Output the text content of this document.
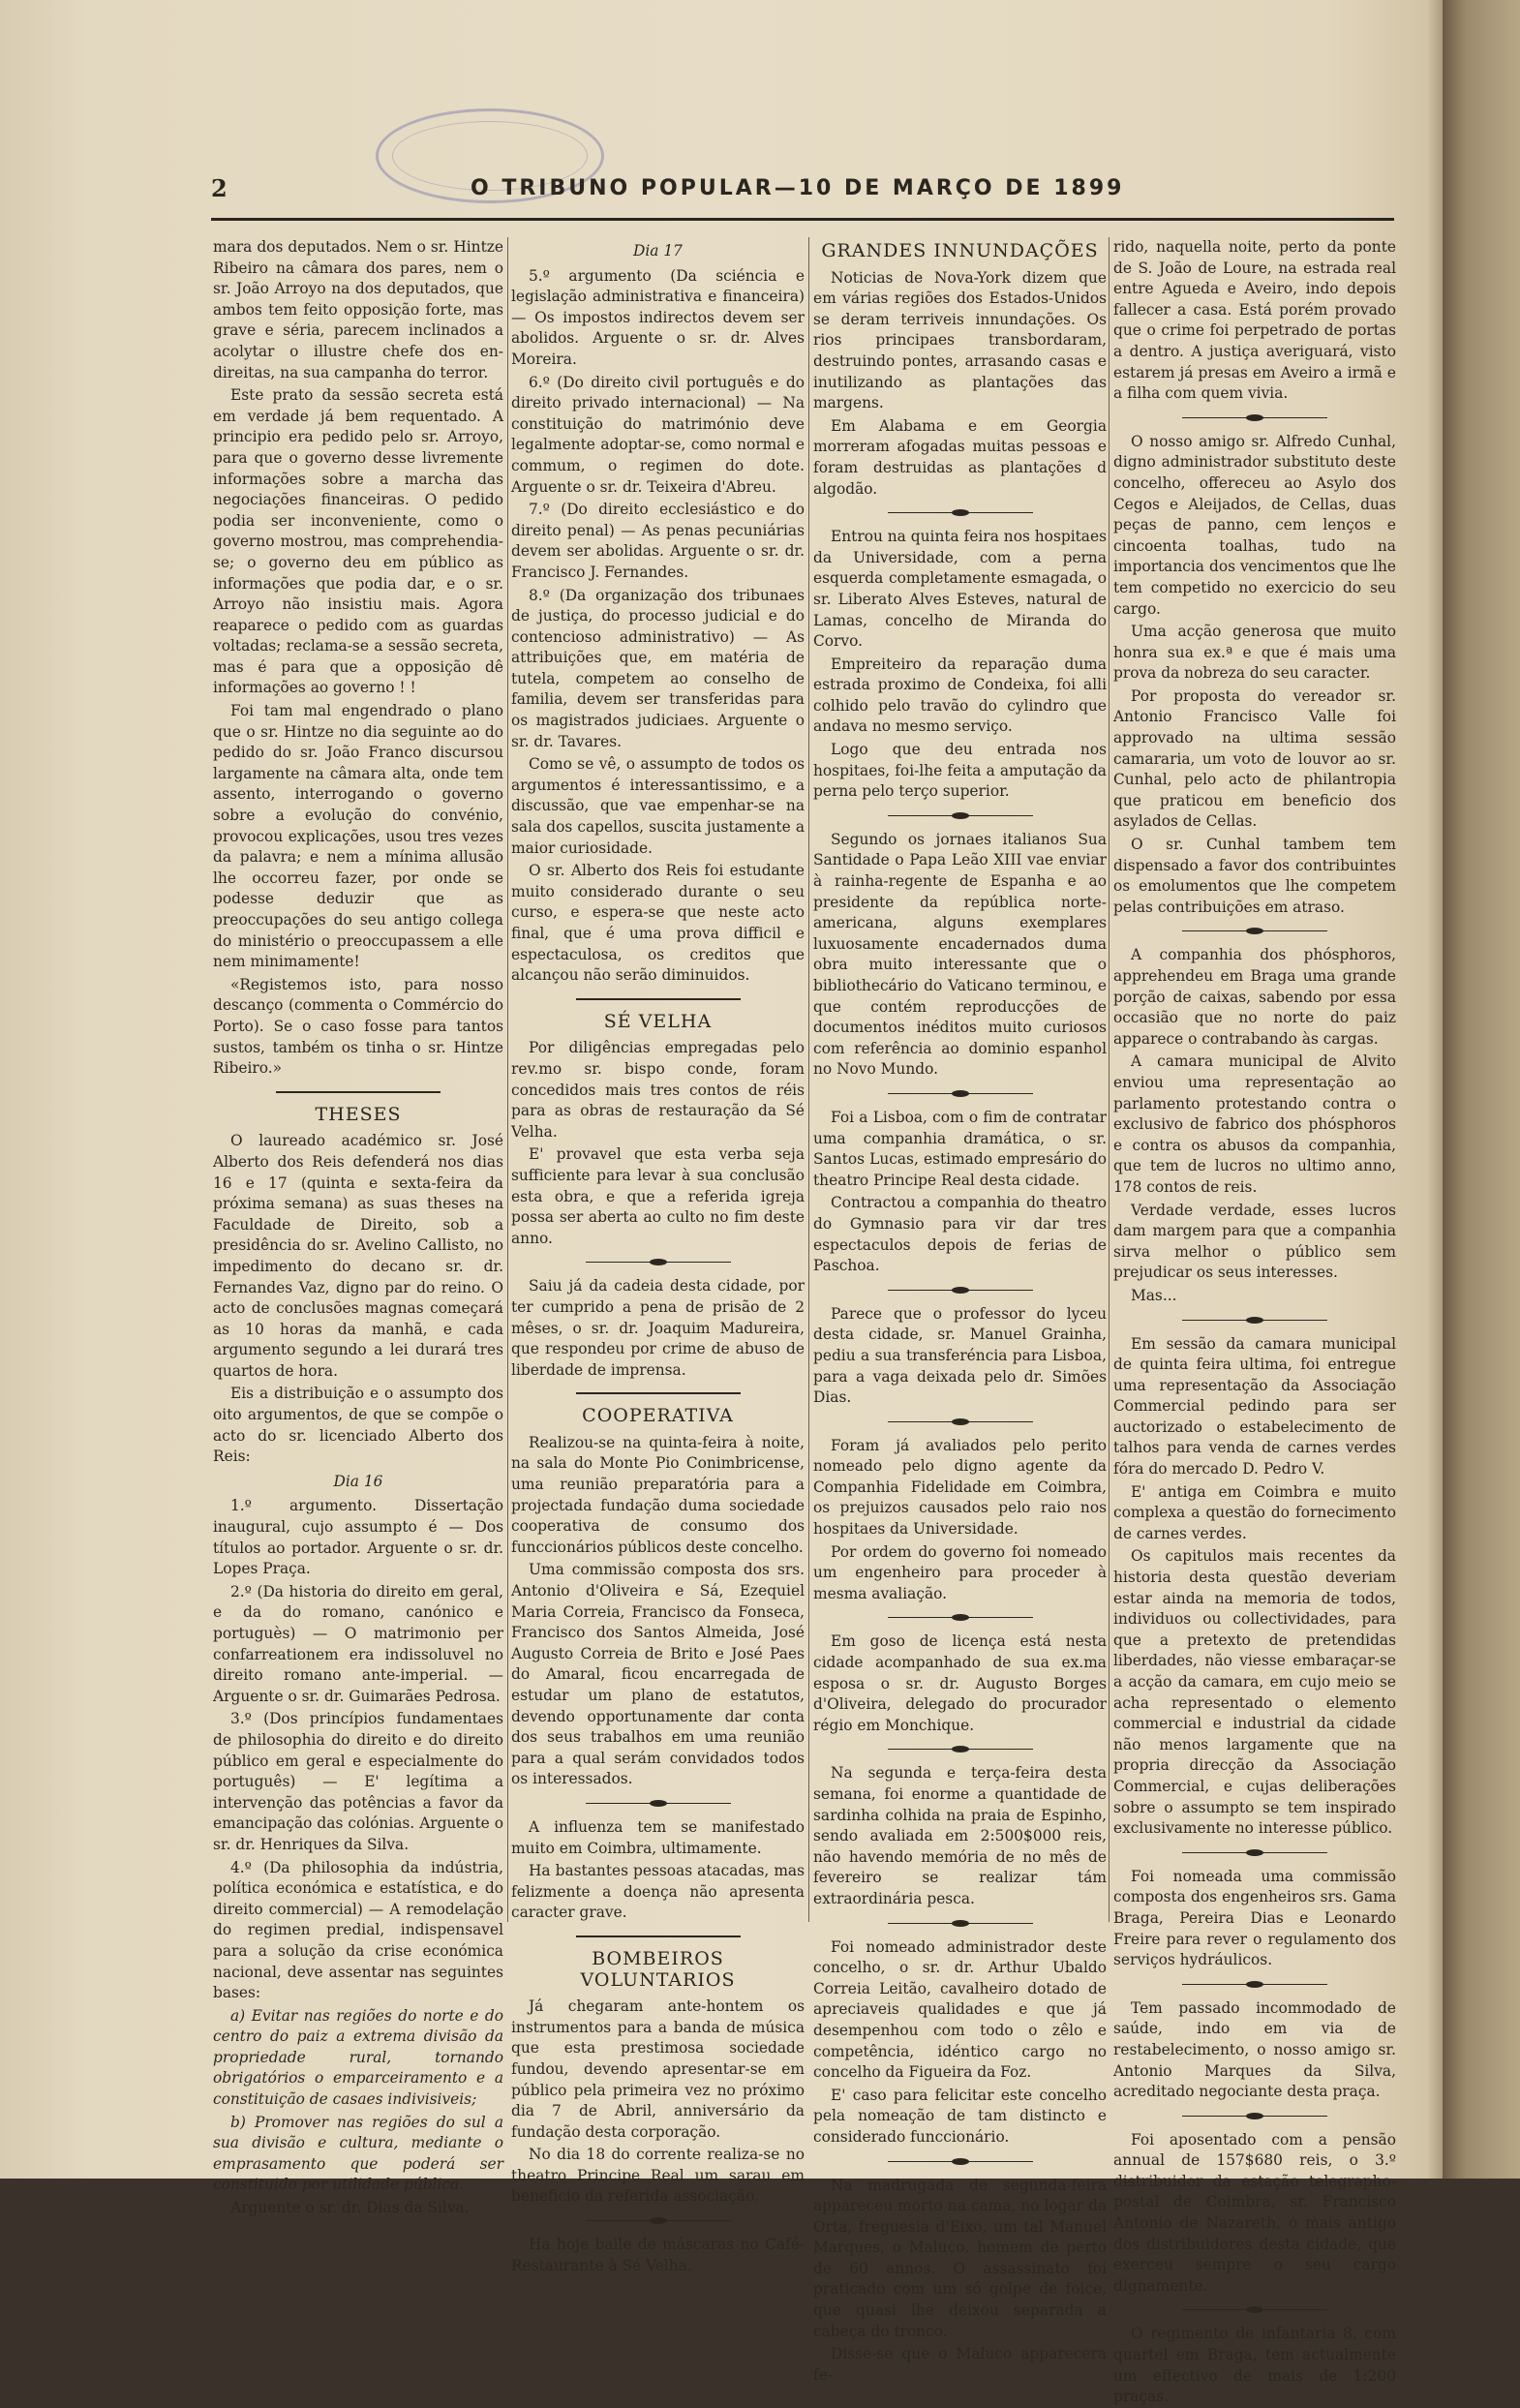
2	O TRIBUNO POPULAR—10 DE MARÇO DE 1899

mara dos deputados. Nem o sr. Hintze Ribeiro na câmara dos pares, nem o sr. João Arroyo na dos deputados, que ambos tem feito opposição forte, mas grave e séria, parecem inclinados a acolytar o illustre chefe dos en-direitas, na sua campanha do terror.

Este prato da sessão secreta está em verdade já bem requentado. A principio era pedido pelo sr. Arroyo, para que o governo desse livremente informações sobre a marcha das negociações financeiras. O pedido podia ser inconveniente, como o governo mostrou, mas comprehendia-se; o governo deu em público as informações que podia dar, e o sr. Arroyo não insistiu mais. Agora reaparece o pedido com as guardas voltadas; reclama-se a sessão secreta, mas é para que a opposição dê informações ao governo ! !

Foi tam mal engendrado o plano que o sr. Hintze no dia seguinte ao do pedido do sr. João Franco discursou largamente na câmara alta, onde tem assento, interrogando o governo sobre a evolução do convénio, provocou explicações, usou tres vezes da palavra; e nem a mínima allusão lhe occorreu fazer, por onde se podesse deduzir que as preoccupações do seu antigo collega do ministério o preoccupassem a elle nem minimamente!

«Registemos isto, para nosso descanço (commenta o Commércio do Porto). Se o caso fosse para tantos sustos, também os tinha o sr. Hintze Ribeiro.»

THESES

O laureado académico sr. José Alberto dos Reis defenderá nos dias 16 e 17 (quinta e sexta-feira da próxima semana) as suas theses na Faculdade de Direito, sob a presidência do sr. Avelino Callisto, no impedimento do decano sr. dr. Fernandes Vaz, digno par do reino. O acto de conclusões magnas começará as 10 horas da manhã, e cada argumento segundo a lei durará tres quartos de hora.

Eis a distribuição e o assumpto dos oito argumentos, de que se compõe o acto do sr. licenciado Alberto dos Reis:

Dia 16

1.º argumento. Dissertação inaugural, cujo assumpto é — Dos títulos ao portador. Arguente o sr. dr. Lopes Praça.

2.º (Da historia do direito em geral, e da do romano, canónico e portuguès) — O matrimonio per confarreationem era indissoluvel no direito romano ante-imperial. — Arguente o sr. dr. Guimarães Pedrosa.

3.º (Dos princípios fundamentaes de philosophia do direito e do direito público em geral e especialmente do português) — E' legítima a intervenção das potências a favor da emancipação das colónias. Arguente o sr. dr. Henriques da Silva.

4.º (Da philosophia da indústria, política económica e estatística, e do direito commercial) — A remodelação do regimen predial, indispensavel para a solução da crise económica nacional, deve assentar nas seguintes bases:

a) Evitar nas regiões do norte e do centro do paiz a extrema divisão da propriedade rural, tornando obrigatórios o emparceiramento e a constituição de casaes indivisiveis;

b) Promover nas regiões do sul a sua divisão e cultura, mediante o emprasamento que poderá ser constituido por utilidade pública.

Arguente o sr. dr. Dias da Silva.

Dia 17

5.º argumento (Da sciéncia e legislação administrativa e financeira) — Os impostos indirectos devem ser abolidos. Arguente o sr. dr. Alves Moreira.

6.º (Do direito civil português e do direito privado internacional) — Na constituição do matrimónio deve legalmente adoptar-se, como normal e commum, o regimen do dote. Arguente o sr. dr. Teixeira d'Abreu.

7.º (Do direito ecclesiástico e do direito penal) — As penas pecuniárias devem ser abolidas. Arguente o sr. dr. Francisco J. Fernandes.

8.º (Da organização dos tribunaes de justiça, do processo judicial e do contencioso administrativo) — As attribuições que, em matéria de tutela, competem ao conselho de familia, devem ser transferidas para os magistrados judiciaes. Arguente o sr. dr. Tavares.

Como se vê, o assumpto de todos os argumentos é interessantissimo, e a discussão, que vae empenhar-se na sala dos capellos, suscita justamente a maior curiosidade.

O sr. Alberto dos Reis foi estudante muito considerado durante o seu curso, e espera-se que neste acto final, que é uma prova difficil e espectaculosa, os creditos que alcançou não serão diminuidos.

SÉ VELHA

Por diligências empregadas pelo rev.mo sr. bispo conde, foram concedidos mais tres contos de réis para as obras de restauração da Sé Velha.

E' provavel que esta verba seja sufficiente para levar à sua conclusão esta obra, e que a referida igreja possa ser aberta ao culto no fim deste anno.

Saiu já da cadeia desta cidade, por ter cumprido a pena de prisão de 2 mêses, o sr. dr. Joaquim Madureira, que respondeu por crime de abuso de liberdade de imprensa.

COOPERATIVA

Realizou-se na quinta-feira à noite, na sala do Monte Pio Conimbricense, uma reunião preparatória para a projectada fundação duma sociedade cooperativa de consumo dos funccionários públicos deste concelho.

Uma commissão composta dos srs. Antonio d'Oliveira e Sá, Ezequiel Maria Correia, Francisco da Fonseca, Francisco dos Santos Almeida, José Augusto Correia de Brito e José Paes do Amaral, ficou encarregada de estudar um plano de estatutos, devendo opportunamente dar conta dos seus trabalhos em uma reunião para a qual serám convidados todos os interessados.

A influenza tem se manifestado muito em Coimbra, ultimamente.

Ha bastantes pessoas atacadas, mas felizmente a doença não apresenta caracter grave.

BOMBEIROS VOLUNTARIOS

Já chegaram ante-hontem os instrumentos para a banda de música que esta prestimosa sociedade fundou, devendo apresentar-se em público pela primeira vez no próximo dia 7 de Abril, anniversário da fundação desta corporação.

No dia 18 do corrente realiza-se no theatro Principe Real um sarau em beneficio da referida associação.

Ha hoje baile de máscaras no Café-Restaurante à Sé Velha.

GRANDES INNUNDAÇÕES

Noticias de Nova-York dizem que em várias regiões dos Estados-Unidos se deram terriveis innundações. Os rios principaes transbordaram, destruindo pontes, arrasando casas e inutilizando as plantações das margens.

Em Alabama e em Georgia morreram afogadas muitas pessoas e foram destruidas as plantações d algodão.

Entrou na quinta feira nos hospitaes da Universidade, com a perna esquerda completamente esmagada, o sr. Liberato Alves Esteves, natural de Lamas, concelho de Miranda do Corvo.

Empreiteiro da reparação duma estrada proximo de Condeixa, foi alli colhido pelo travão do cylindro que andava no mesmo serviço.

Logo que deu entrada nos hospitaes, foi-lhe feita a amputação da perna pelo terço superior.

Segundo os jornaes italianos Sua Santidade o Papa Leão XIII vae enviar à rainha-regente de Espanha e ao presidente da república norte-americana, alguns exemplares luxuosamente encadernados duma obra muito interessante que o bibliothecário do Vaticano terminou, e que contém reproducções de documentos inéditos muito curiosos com referência ao dominio espanhol no Novo Mundo.

Foi a Lisboa, com o fim de contratar uma companhia dramática, o sr. Santos Lucas, estimado empresário do theatro Principe Real desta cidade.

Contractou a companhia do theatro do Gymnasio para vir dar tres espectaculos depois de ferias de Paschoa.

Parece que o professor do lyceu desta cidade, sr. Manuel Grainha, pediu a sua transferéncia para Lisboa, para a vaga deixada pelo dr. Simões Dias.

Foram já avaliados pelo perito nomeado pelo digno agente da Companhia Fidelidade em Coimbra, os prejuizos causados pelo raio nos hospitaes da Universidade.

Por ordem do governo foi nomeado um engenheiro para proceder à mesma avaliação.

Em goso de licença está nesta cidade acompanhado de sua ex.ma esposa o sr. dr. Augusto Borges d'Oliveira, delegado do procurador régio em Monchique.

Na segunda e terça-feira desta semana, foi enorme a quantidade de sardinha colhida na praia de Espinho, sendo avaliada em 2:500$000 reis, não havendo memória de no mês de fevereiro se realizar tám extraordinária pesca.

Foi nomeado administrador deste concelho, o sr. dr. Arthur Ubaldo Correia Leitão, cavalheiro dotado de apreciaveis qualidades e que já desempenhou com todo o zêlo e competência, idéntico cargo no concelho da Figueira da Foz.

E' caso para felicitar este concelho pela nomeação de tam distincto e considerado funccionário.

Na madrugada de segunda-feira appareceu morto na cama, no logar da Orta, freguesia d'Eixo, um tal Manuel Marques, o Maluco, homem de perto de 60 annos. O assassinato foi praticado com um só golpe de foice, que quasi lhe deixou separada a cabeça do tronco.

Disse-se que o Maluco apparecera fe-

rido, naquella noite, perto da ponte de S. João de Loure, na estrada real entre Agueda e Aveiro, indo depois fallecer a casa. Está porém provado que o crime foi perpetrado de portas a dentro. A justiça averiguará, visto estarem já presas em Aveiro a irmã e a filha com quem vivia.

O nosso amigo sr. Alfredo Cunhal, digno administrador substituto deste concelho, offereceu ao Asylo dos Cegos e Aleijados, de Cellas, duas peças de panno, cem lenços e cincoenta toalhas, tudo na importancia dos vencimentos que lhe tem competido no exercicio do seu cargo.

Uma acção generosa que muito honra sua ex.ª e que é mais uma prova da nobreza do seu caracter.

Por proposta do vereador sr. Antonio Francisco Valle foi approvado na ultima sessão camararia, um voto de louvor ao sr. Cunhal, pelo acto de philantropia que praticou em beneficio dos asylados de Cellas.

O sr. Cunhal tambem tem dispensado a favor dos contribuintes os emolumentos que lhe competem pelas contribuições em atraso.

A companhia dos phósphoros, apprehendeu em Braga uma grande porção de caixas, sabendo por essa occasião que no norte do paiz apparece o contrabando às cargas.

A camara municipal de Alvito enviou uma representação ao parlamento protestando contra o exclusivo de fabrico dos phósphoros e contra os abusos da companhia, que tem de lucros no ultimo anno, 178 contos de reis.

Verdade verdade, esses lucros dam margem para que a companhia sirva melhor o público sem prejudicar os seus interesses.

Mas...

Em sessão da camara municipal de quinta feira ultima, foi entregue uma representação da Associação Commercial pedindo para ser auctorizado o estabelecimento de talhos para venda de carnes verdes fóra do mercado D. Pedro V.

E' antiga em Coimbra e muito complexa a questão do fornecimento de carnes verdes.

Os capitulos mais recentes da historia desta questão deveriam estar ainda na memoria de todos, individuos ou collectividades, para que a pretexto de pretendidas liberdades, não viesse embaraçar-se a acção da camara, em cujo meio se acha representado o elemento commercial e industrial da cidade não menos largamente que na propria direcção da Associação Commercial, e cujas deliberações sobre o assumpto se tem inspirado exclusivamente no interesse público.

Foi nomeada uma commissão composta dos engenheiros srs. Gama Braga, Pereira Dias e Leonardo Freire para rever o regulamento dos serviços hydráulicos.

Tem passado incommodado de saúde, indo em via de restabelecimento, o nosso amigo sr. Antonio Marques da Silva, acreditado negociante desta praça.

Foi aposentado com a pensão annual de 157$680 reis, o 3.º distribuidor da estação telegrapho-postal de Coimbra, sr. Francisco Antonio de Nazareth, o mais antigo dos distribuidores desta cidade, que exerceu sempre o seu cargo dignamente.

O regimento de infantaria 8, com quartel em Braga, tem actualmente um effectivo de mais de 1:200 praças.
